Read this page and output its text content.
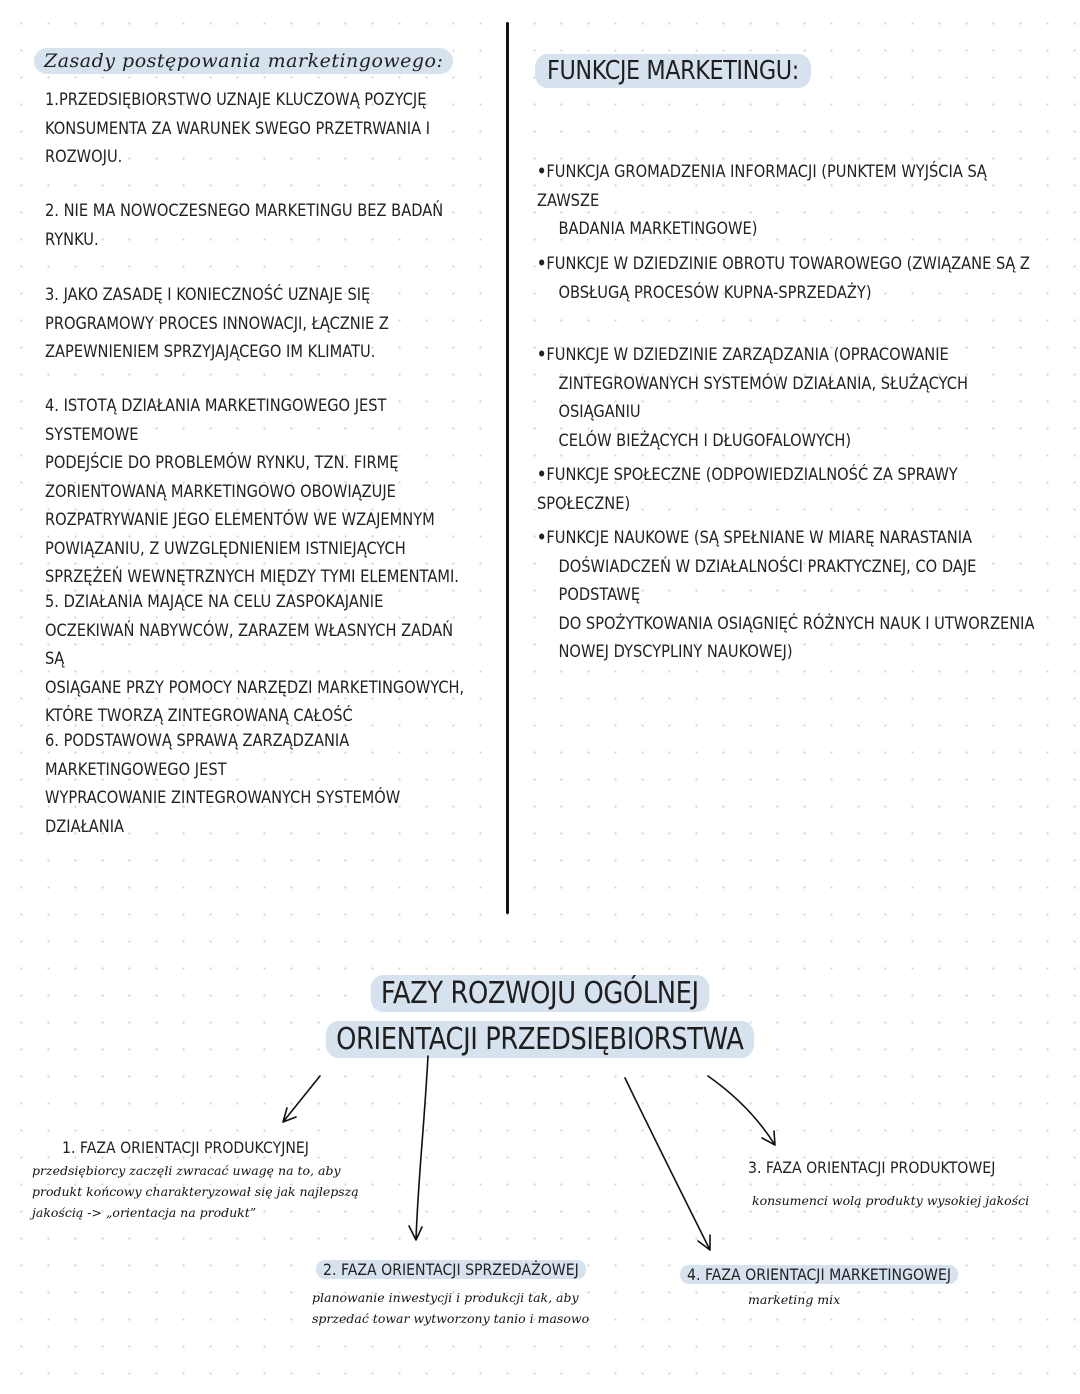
Zasady postępowania marketingowego:

1.PRZEDSIĘBIORSTWO UZNAJE KLUCZOWĄ POZYCJĘ
KONSUMENTA ZA WARUNEK SWEGO PRZETRWANIA I
ROZWOJU.

2. NIE MA NOWOCZESNEGO MARKETINGU BEZ BADAŃ
RYNKU.

3. JAKO ZASADĘ I KONIECZNOŚĆ UZNAJE SIĘ
PROGRAMOWY PROCES INNOWACJI, ŁĄCZNIE Z
ZAPEWNIENIEM SPRZYJAJĄCEGO IM KLIMATU.

4. ISTOTĄ DZIAŁANIA MARKETINGOWEGO JEST SYSTEMOWE
PODEJŚCIE DO PROBLEMÓW RYNKU, TZN. FIRMĘ
ZORIENTOWANĄ MARKETINGOWO OBOWIĄZUJE
ROZPATRYWANIE JEGO ELEMENTÓW WE WZAJEMNYM
POWIĄZANIU, Z UWZGLĘDNIENIEM ISTNIEJĄCYCH
SPRZĘŻEŃ WEWNĘTRZNYCH MIĘDZY TYMI ELEMENTAMI.

5. DZIAŁANIA MAJĄCE NA CELU ZASPOKAJANIE
OCZEKIWAŃ NABYWCÓW, ZARAZEM WŁASNYCH ZADAŃ SĄ
OSIĄGANE PRZY POMOCY NARZĘDZI MARKETINGOWYCH,
KTÓRE TWORZĄ ZINTEGROWANĄ CAŁOŚĆ

6. PODSTAWOWĄ SPRAWĄ ZARZĄDZANIA
MARKETINGOWEGO JEST
WYPRACOWANIE ZINTEGROWANYCH SYSTEMÓW
DZIAŁANIA

FUNKCJE MARKETINGU:
•FUNKCJA GROMADZENIA INFORMACJI (PUNKTEM WYJŚCIA SĄ ZAWSZE
BADANIA MARKETINGOWE)
•FUNKCJE W DZIEDZINIE OBROTU TOWAROWEGO (ZWIĄZANE SĄ Z
OBSŁUGĄ PROCESÓW KUPNA-SPRZEDAŻY)
•FUNKCJE W DZIEDZINIE ZARZĄDZANIA (OPRACOWANIE
ZINTEGROWANYCH SYSTEMÓW DZIAŁANIA, SŁUŻĄCYCH OSIĄGANIU
CELÓW BIEŻĄCYCH I DŁUGOFALOWYCH)
•FUNKCJE SPOŁECZNE (ODPOWIEDZIALNOŚĆ ZA SPRAWY SPOŁECZNE)
•FUNKCJE NAUKOWE (SĄ SPEŁNIANE W MIARĘ NARASTANIA
DOŚWIADCZEŃ W DZIAŁALNOŚCI PRAKTYCZNEJ, CO DAJE PODSTAWĘ
DO SPOŻYTKOWANIA OSIĄGNIĘĆ RÓŻNYCH NAUK I UTWORZENIA
NOWEJ DYSCYPLINY NAUKOWEJ)
FAZY ROZWOJU OGÓLNEJ
ORIENTACJI PRZEDSIĘBIORSTWA
1. FAZA ORIENTACJI PRODUKCYJNEJ

przedsiębiorcy zaczęli zwracać uwagę na to, aby
produkt końcowy charakteryzował się jak najlepszą
jakością -> „orientacja na produkt”

2. FAZA ORIENTACJI SPRZEDAŻOWEJ

planowanie inwestycji i produkcji tak, aby
sprzedać towar wytworzony tanio i masowo

3. FAZA ORIENTACJI PRODUKTOWEJ

konsumenci wolą produkty wysokiej jakości

4. FAZA ORIENTACJI MARKETINGOWEJ

marketing mix
